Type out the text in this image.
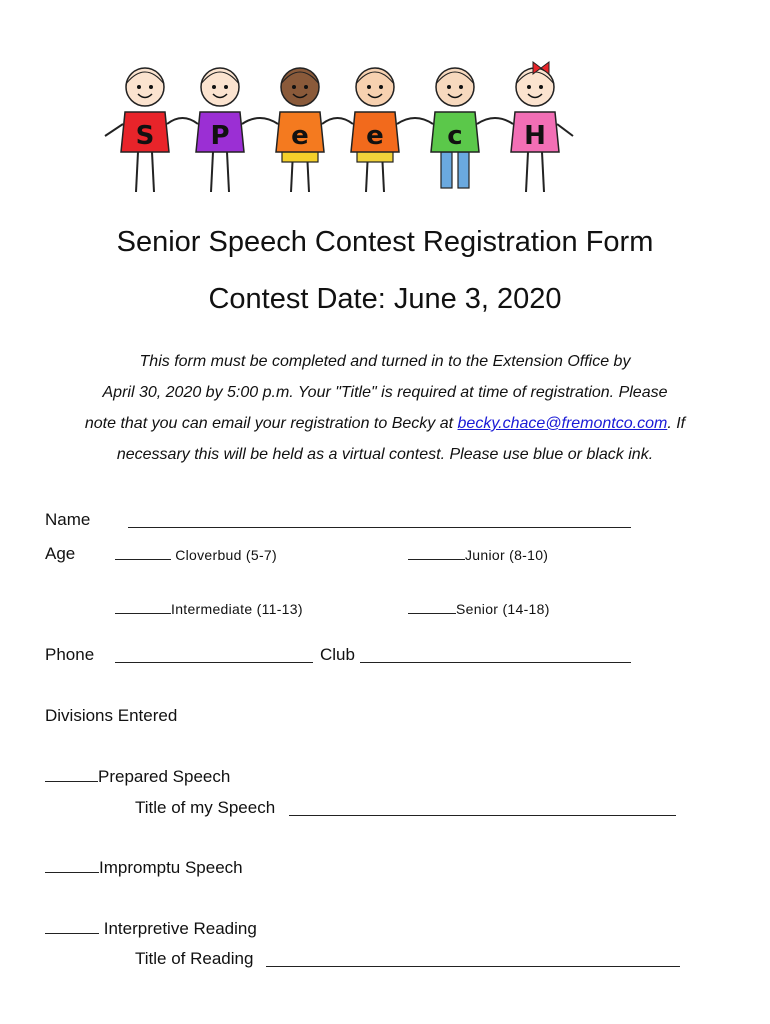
S P e e c H
Senior Speech Contest Registration Form
Contest Date: June 3, 2020
This form must be completed and turned in to the Extension Office by
April 30, 2020 by 5:00 p.m. Your "Title" is required at time of registration. Please
note that you can email your registration to Becky at becky.chace@fremontco.com. If
necessary this will be held as a virtual contest. Please use blue or black ink.
Name
Age	Cloverbud (5-7)	Junior (8-10)
Intermediate (11-13)	Senior (14-18)
Phone	Club
Divisions Entered
Prepared Speech
Title of my Speech
Impromptu Speech
Interpretive Reading
Title of Reading
